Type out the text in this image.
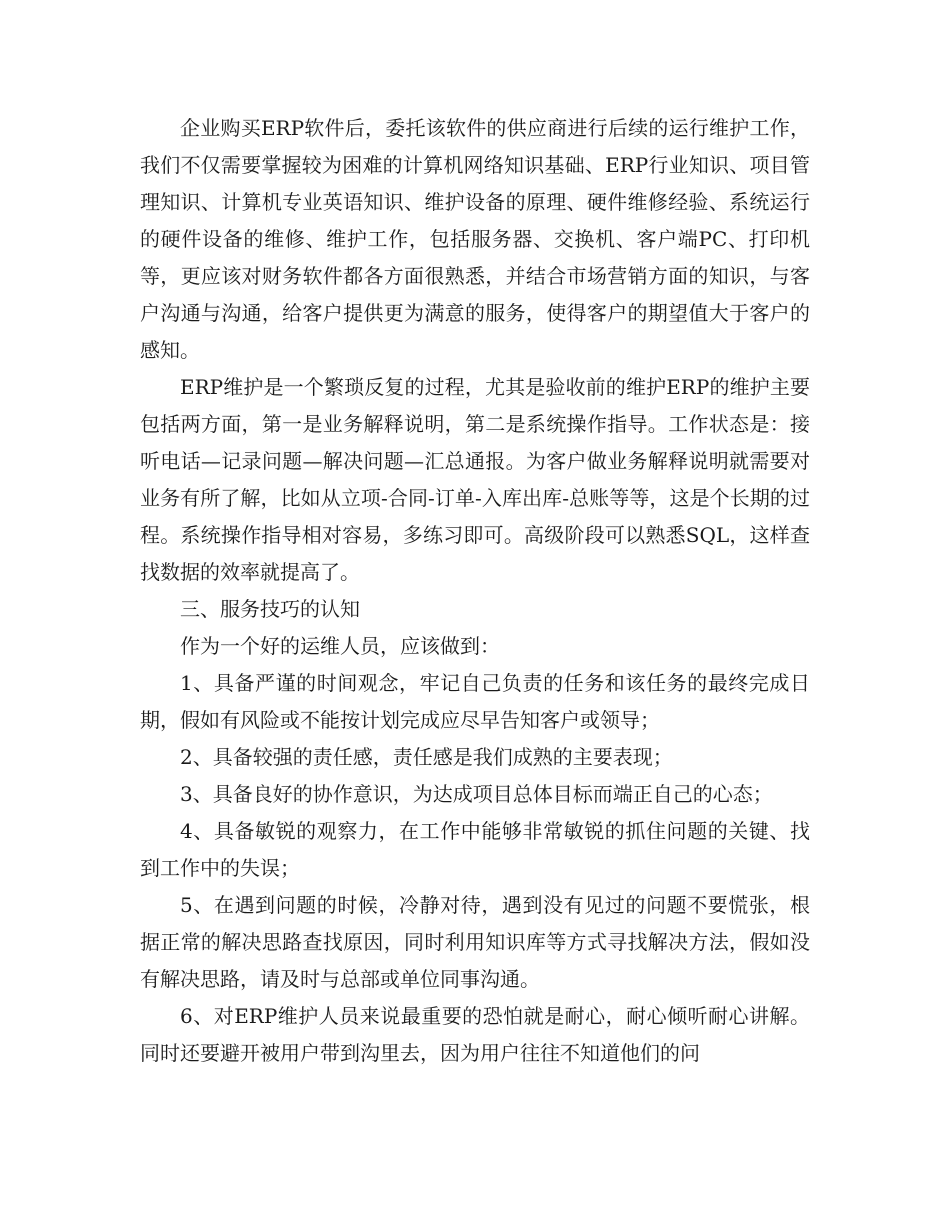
企业购买ERP软件后，委托该软件的供应商进行后续的运行维护工作，我们不仅需要掌握较为困难的计算机网络知识基础、ERP行业知识、项目管理知识、计算机专业英语知识、维护设备的原理、硬件维修经验、系统运行的硬件设备的维修、维护工作，包括服务器、交换机、客户端PC、打印机等，更应该对财务软件都各方面很熟悉，并结合市场营销方面的知识，与客户沟通与沟通，给客户提供更为满意的服务，使得客户的期望值大于客户的感知。

ERP维护是一个繁琐反复的过程，尤其是验收前的维护ERP的维护主要包括两方面，第一是业务解释说明，第二是系统操作指导。工作状态是：接听电话—记录问题—解决问题—汇总通报。为客户做业务解释说明就需要对业务有所了解，比如从立项-合同-订单-入库出库-总账等等，这是个长期的过程。系统操作指导相对容易，多练习即可。高级阶段可以熟悉SQL，这样查找数据的效率就提高了。

三、服务技巧的认知

作为一个好的运维人员，应该做到：

1、具备严谨的时间观念，牢记自己负责的任务和该任务的最终完成日期，假如有风险或不能按计划完成应尽早告知客户或领导；

2、具备较强的责任感，责任感是我们成熟的主要表现；

3、具备良好的协作意识，为达成项目总体目标而端正自己的心态；

4、具备敏锐的观察力，在工作中能够非常敏锐的抓住问题的关键、找到工作中的失误；

5、在遇到问题的时候，冷静对待，遇到没有见过的问题不要慌张，根据正常的解决思路查找原因，同时利用知识库等方式寻找解决方法，假如没有解决思路，请及时与总部或单位同事沟通。

6、对ERP维护人员来说最重要的恐怕就是耐心，耐心倾听耐心讲解。同时还要避开被用户带到沟里去，因为用户往往不知道他们的问
